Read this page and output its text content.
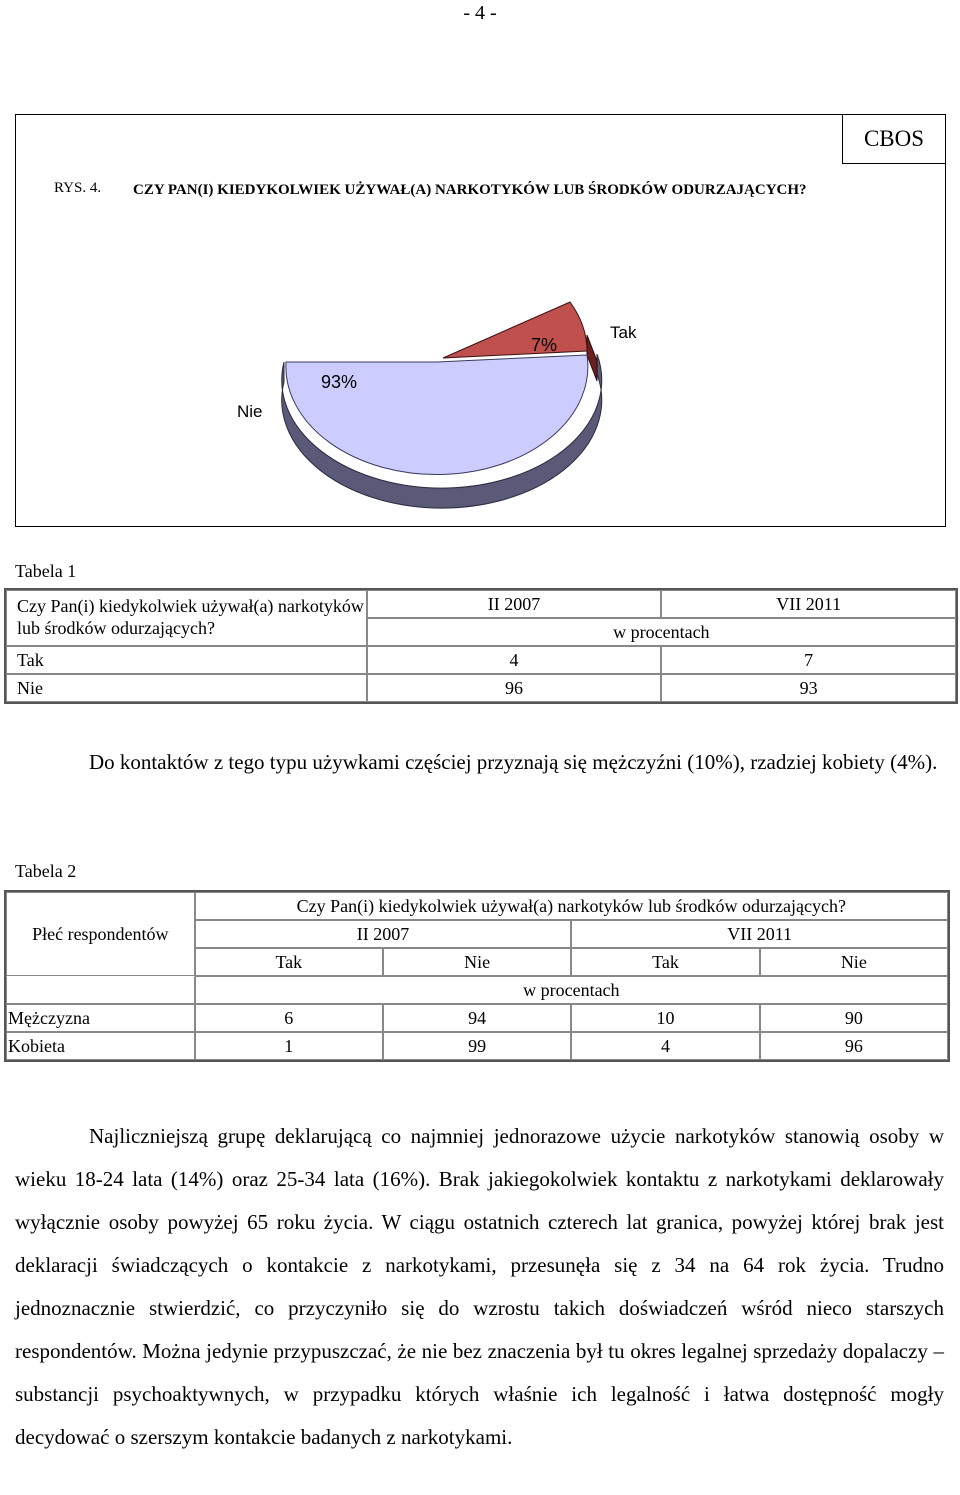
- 4 -
CBOS
RYS. 4. CZY PAN(I) KIEDYKOLWIEK UŻYWAŁ(A) NARKOTYKÓW LUB ŚRODKÓW ODURZAJĄCYCH?
7%
Tak
93%
Nie
Tabela 1
Czy Pan(i) kiedykolwiek używał(a) narkotyków lub środków odurzających?	II 2007	VII 2011
	w procentach	
Tak	4	7
Nie	96	93

Do kontaktów z tego typu używkami częściej przyznają się mężczyźni (10%), rzadziej kobiety (4%).

Tabela 2
Płeć respondentów	Czy Pan(i) kiedykolwiek używał(a) narkotyków lub środków odurzających?			
	II 2007		VII 2011	
	Tak	Nie	Tak	Nie
	w procentach			
Mężczyzna	6	94	10	90
Kobieta	1	99	4	96

Najliczniejszą grupę deklarującą co najmniej jednorazowe użycie narkotyków stanowią osoby w wieku 18-24 lata (14%) oraz 25-34 lata (16%). Brak jakiegokolwiek kontaktu z narkotykami deklarowały wyłącznie osoby powyżej 65 roku życia. W ciągu ostatnich czterech lat granica, powyżej której brak jest deklaracji świadczących o kontakcie z narkotykami, przesunęła się z 34 na 64 rok życia. Trudno jednoznacznie stwierdzić, co przyczyniło się do wzrostu takich doświadczeń wśród nieco starszych respondentów. Można jedynie przypuszczać, że nie bez znaczenia był tu okres legalnej sprzedaży dopalaczy – substancji psychoaktywnych, w przypadku których właśnie ich legalność i łatwa dostępność mogły decydować o szerszym kontakcie badanych z narkotykami.
